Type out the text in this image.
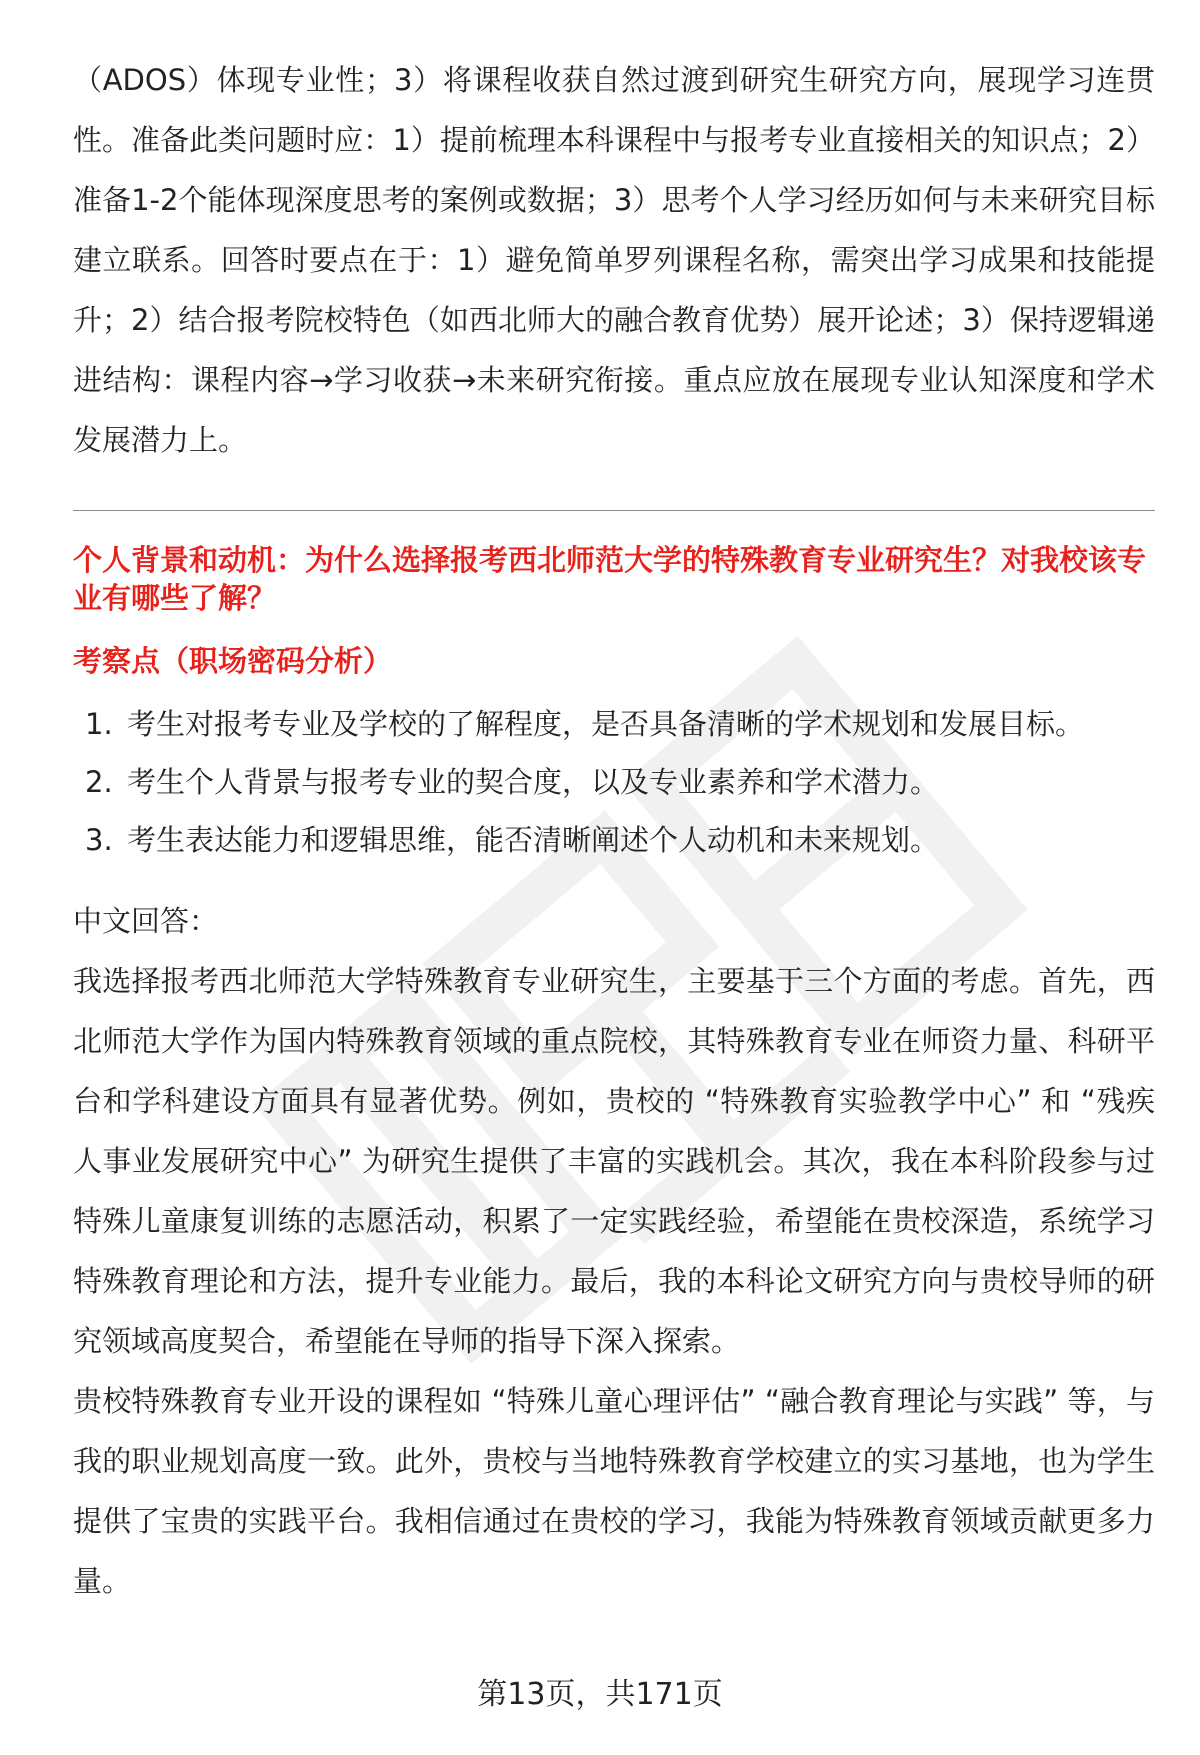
（ADOS）体现专业性；3）将课程收获自然过渡到研究生研究方向，展现学习连贯性。准备此类问题时应：1）提前梳理本科课程中与报考专业直接相关的知识点；2）准备1-2个能体现深度思考的案例或数据；3）思考个人学习经历如何与未来研究目标建立联系。回答时要点在于：1）避免简单罗列课程名称，需突出学习成果和技能提升；2）结合报考院校特色（如西北师大的融合教育优势）展开论述；3）保持逻辑递进结构：课程内容→学习收获→未来研究衔接。重点应放在展现专业认知深度和学术发展潜力上。

个人背景和动机：为什么选择报考西北师范大学的特殊教育专业研究生？对我校该专业有哪些了解？

考察点（职场密码分析）

1. 考生对报考专业及学校的了解程度，是否具备清晰的学术规划和发展目标。
2. 考生个人背景与报考专业的契合度，以及专业素养和学术潜力。
3. 考生表达能力和逻辑思维，能否清晰阐述个人动机和未来规划。

中文回答：

我选择报考西北师范大学特殊教育专业研究生，主要基于三个方面的考虑。首先，西北师范大学作为国内特殊教育领域的重点院校，其特殊教育专业在师资力量、科研平台和学科建设方面具有显著优势。例如，贵校的 “特殊教育实验教学中心” 和 “残疾人事业发展研究中心” 为研究生提供了丰富的实践机会。其次，我在本科阶段参与过特殊儿童康复训练的志愿活动，积累了一定实践经验，希望能在贵校深造，系统学习特殊教育理论和方法，提升专业能力。最后，我的本科论文研究方向与贵校导师的研究领域高度契合，希望能在导师的指导下深入探索。

贵校特殊教育专业开设的课程如 “特殊儿童心理评估” “融合教育理论与实践” 等，与我的职业规划高度一致。此外，贵校与当地特殊教育学校建立的实习基地，也为学生提供了宝贵的实践平台。我相信通过在贵校的学习，我能为特殊教育领域贡献更多力量。

第13页，共171页
